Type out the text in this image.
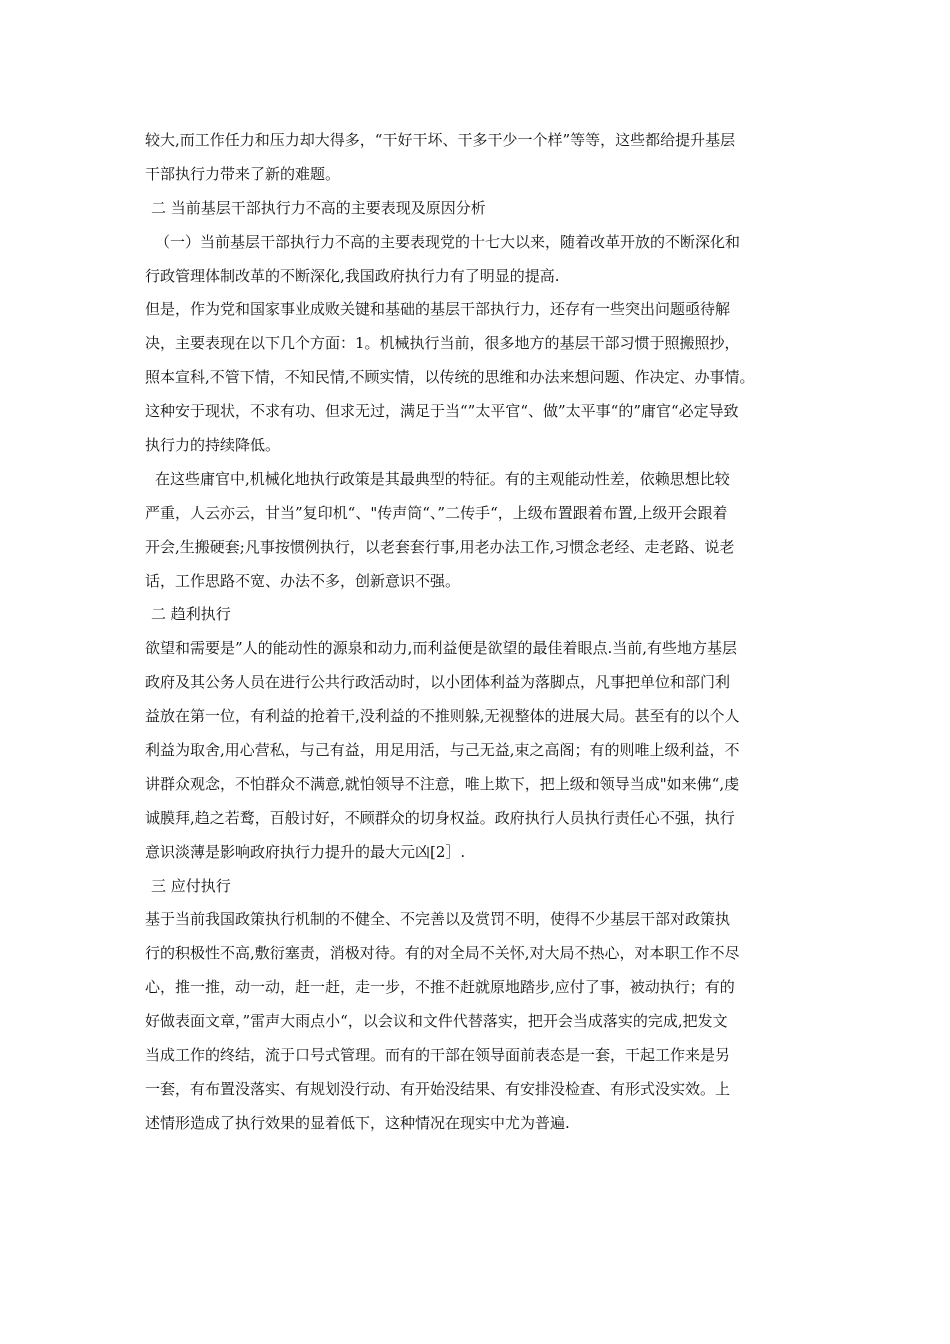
较大,而工作任力和压力却大得多，“干好干坏、干多干少一个样”等等，这些都给提升基层
干部执行力带来了新的难题。
二 当前基层干部执行力不高的主要表现及原因分析
（一）当前基层干部执行力不高的主要表现党的十七大以来，随着改革开放的不断深化和
行政管理体制改革的不断深化,我国政府执行力有了明显的提高.
但是，作为党和国家事业成败关键和基础的基层干部执行力，还存有一些突出问题亟待解
决，主要表现在以下几个方面：1。机械执行当前，很多地方的基层干部习惯于照搬照抄，
照本宣科,不管下情，不知民情,不顾实情，以传统的思维和办法来想问题、作决定、办事情。
这种安于现状，不求有功、但求无过，满足于当“”太平官“、做”太平事“的”庸官“必定导致
执行力的持续降低。
在这些庸官中,机械化地执行政策是其最典型的特征。有的主观能动性差，依赖思想比较
严重，人云亦云，甘当”复印机“、"传声筒“、”二传手“，上级布置跟着布置,上级开会跟着
开会,生搬硬套;凡事按惯例执行，以老套套行事,用老办法工作,习惯念老经、走老路、说老
话，工作思路不宽、办法不多，创新意识不强。
二 趋利执行
欲望和需要是”人的能动性的源泉和动力,而利益便是欲望的最佳着眼点.当前,有些地方基层
政府及其公务人员在进行公共行政活动时，以小团体利益为落脚点，凡事把单位和部门利
益放在第一位，有利益的抢着干,没利益的不推则躲,无视整体的进展大局。甚至有的以个人
利益为取舍,用心营私，与己有益，用足用活，与己无益,束之高阁；有的则唯上级利益，不
讲群众观念，不怕群众不满意,就怕领导不注意，唯上欺下，把上级和领导当成"如来佛“,虔
诚膜拜,趋之若鹜，百般讨好，不顾群众的切身权益。政府执行人员执行责任心不强，执行
意识淡薄是影响政府执行力提升的最大元凶[2］.
三 应付执行
基于当前我国政策执行机制的不健全、不完善以及赏罚不明，使得不少基层干部对政策执
行的积极性不高,敷衍塞责，消极对待。有的对全局不关怀,对大局不热心，对本职工作不尽
心，推一推，动一动，赶一赶，走一步，不推不赶就原地踏步,应付了事，被动执行；有的
好做表面文章，”雷声大雨点小“，以会议和文件代替落实，把开会当成落实的完成,把发文
当成工作的终结，流于口号式管理。而有的干部在领导面前表态是一套，干起工作来是另
一套，有布置没落实、有规划没行动、有开始没结果、有安排没检查、有形式没实效。上
述情形造成了执行效果的显着低下，这种情况在现实中尤为普遍.
